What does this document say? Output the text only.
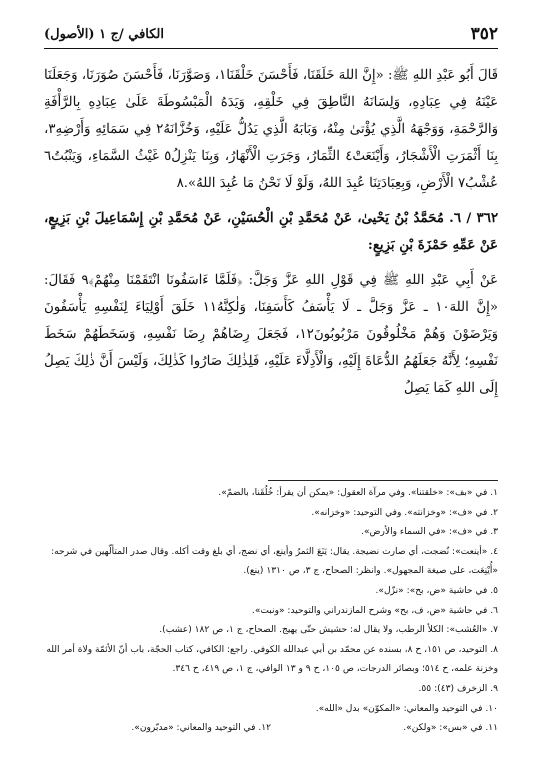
٣٥٢
الكافي /ج ١ (الأصول)

قَالَ أَبُو عَبْدِ اللهِ ﷺ: «إِنَّ اللهَ خَلَقَنَا، فَأَحْسَنَ خَلْقَنَا١، وَصَوَّرَنَا، فَأَحْسَنَ صُوَرَنَا، وَجَعَلَنَا عَيْنَهُ فِي عِبَادِهِ، وَلِسَانَهُ النَّاطِقَ فِي خَلْقِهِ، وَيَدَهُ الْمَبْسُوطَةَ عَلَىٰ عِبَادِهِ بِالرَّأْفَةِ وَالرَّحْمَةِ، وَوَجْهَهُ الَّذِي يُؤْتىٰ مِنْهُ، وَبَابَهُ الَّذِي يَدُلُّ عَلَيْهِ، وَخُزَّانَهُ٢ فِي سَمَائِهِ وَأَرْضِهِ٣، بِنَا أَثْمَرَتِ الْأَشْجَارُ، وَأَيْنَعَتْ٤ الثِّمَارُ، وَجَرَتِ الْأَنْهَارُ، وَبِنَا يَنْزِلُ٥ غَيْثُ السَّمَاءِ، وَيَنْبُتُ٦ عُشْبُ٧ الْأَرْضِ، وَبِعِبَادَتِنَا عُبِدَ اللهُ، وَلَوْ لَا نَحْنُ مَا عُبِدَ اللهُ».٨

٣٦٢ / ٦. مُحَمَّدُ بْنُ يَحْيىٰ، عَنْ مُحَمَّدِ بْنِ الْحُسَيْنِ، عَنْ مُحَمَّدِ بْنِ إِسْمَاعِيلَ بْنِ بَزِيعٍ، عَنْ عَمِّهِ حَمْزَةَ بْنِ بَزِيعٍ:

عَنْ أَبِي عَبْدِ اللهِ ﷺ فِي قَوْلِ اللهِ عَزَّ وَجَلَّ: ﴿فَلَمَّا ءَاسَفُونَا انْتَقَمْنَا مِنْهُمْ﴾٩ فَقَالَ: «إِنَّ اللهَ١٠ ـ عَزَّ وَجَلَّ ـ لَا يَأْسَفُ كَأَسَفِنَا، وَلٰكِنَّهُ١١ خَلَقَ أَوْلِيَاءَ لِنَفْسِهِ يَأْسَفُونَ وَيَرْضَوْنَ وَهُمْ مَخْلُوقُونَ مَرْبُوبُونَ١٢، فَجَعَلَ رِضَاهُمْ رِضَا نَفْسِهِ، وَسَخَطَهُمْ سَخَطَ نَفْسِهِ؛ لِأَنَّهُ جَعَلَهُمُ الدُّعَاةَ إِلَيْهِ، وَالْأَدِلَّاءَ عَلَيْهِ، فَلِذٰلِكَ صَارُوا كَذٰلِكَ، وَلَيْسَ أَنَّ ذٰلِكَ يَصِلُ إِلَى اللهِ كَمَا يَصِلُ

١. في «بف»: «خلقتنا». وفي مرآة العقول: «يمكن أن يقرأ: خُلُقَنا، بالضمّ».

٢. في «ف»: «وخزانته». وفي التوحيد: «وخزانه».

٣. في «ف»: «في السماء والأرض».

٤. «أينعت»: نُضجت، أي صارت نضيجة. يقال: يَنَعَ الثمرُ وأينع، أي نضج، أي بلغ وقت أكله. وقال صدر المتألّهين في شرحه: «أُيْنِعَت، على صيغة المجهول». وانظر: الصحاح، ج ٣، ص ١٣١٠ (ينع).

٥. في حاشية «ض، بح»: «نزّل».

٦. في حاشية «ض، ف، بح» وشرح المازندراني والتوحيد: «ونبت».

٧. «العُشب»: الكلأ الرطب، ولا يقال له: حشيش حتّى يهيج. الصحاح، ج ١، ص ١٨٢ (عشب).

٨. التوحيد، ص ١٥١، ح ٨، بسنده عن محمّد بن أبي عبدالله الكوفي. راجع: الكافي، كتاب الحجّة، باب أنّ الأئمّة ولاة أمر الله وخزنة علمه، ح ٥١٤؛ وبصائر الدرجات، ص ١٠٥، ح ٩ و ١٣ الوافي، ج ١، ص ٤١٩، ح ٣٤٦.

٩. الزخرف (٤٣): ٥٥.

١٠. في التوحيد والمعاني: «المكوّن» بدل «الله».

١١. في «بس»: «ولكن».

١٢. في التوحيد والمعاني: «مدبّرون».
